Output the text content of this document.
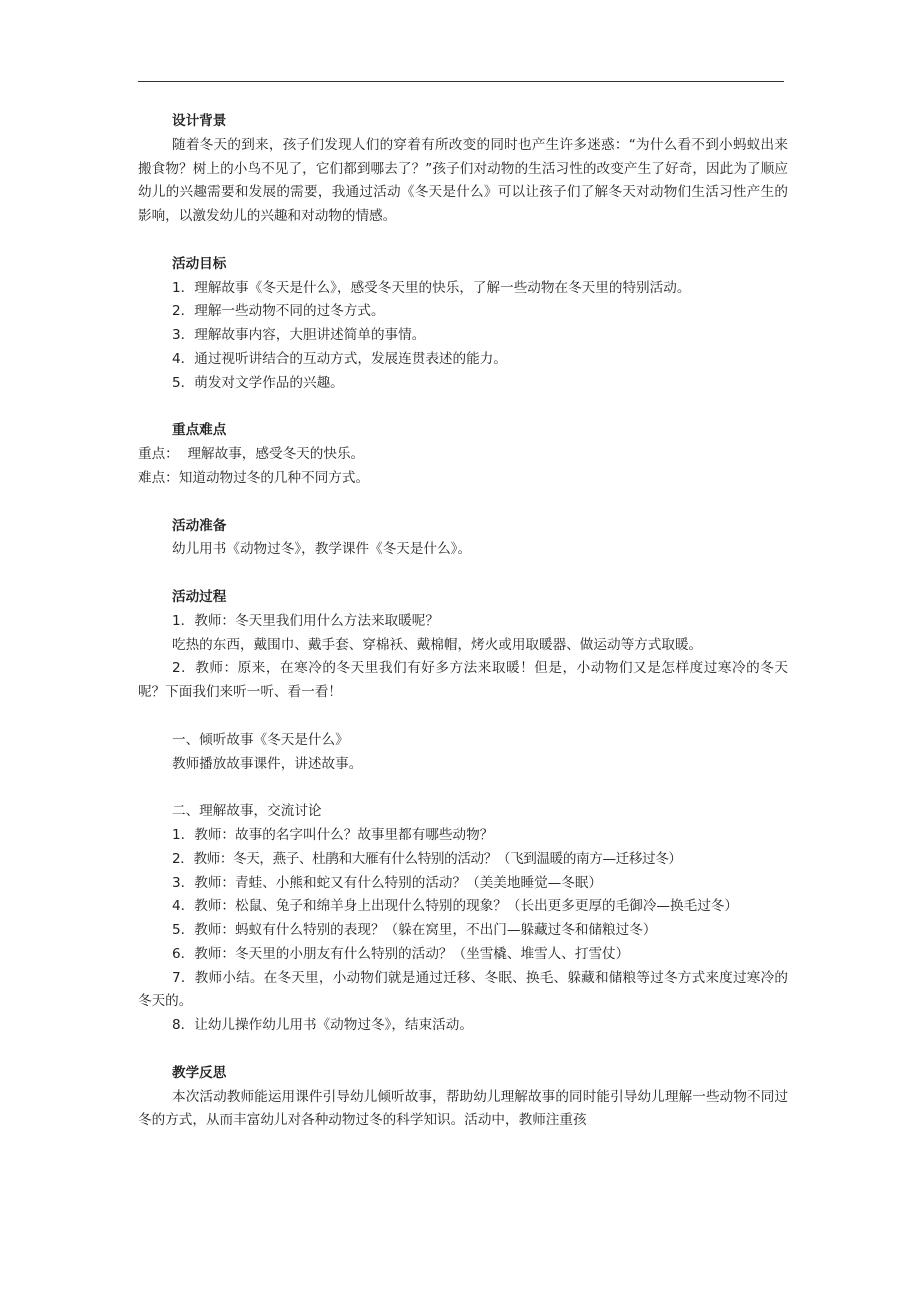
设计背景
随着冬天的到来，孩子们发现人们的穿着有所改变的同时也产生许多迷惑：“为什么看不到小蚂蚁出来搬食物？树上的小鸟不见了，它们都到哪去了？”孩子们对动物的生活习性的改变产生了好奇，因此为了顺应幼儿的兴趣需要和发展的需要，我通过活动《冬天是什么》可以让孩子们了解冬天对动物们生活习性产生的影响，以激发幼儿的兴趣和对动物的情感。
活动目标
1．理解故事《冬天是什么》，感受冬天里的快乐，了解一些动物在冬天里的特别活动。
2．理解一些动物不同的过冬方式。
3．理解故事内容，大胆讲述简单的事情。
4．通过视听讲结合的互动方式，发展连贯表述的能力。
5．萌发对文学作品的兴趣。
重点难点
重点：  理解故事，感受冬天的快乐。
难点：知道动物过冬的几种不同方式。
活动准备
幼儿用书《动物过冬》，教学课件《冬天是什么》。
活动过程
1．教师：冬天里我们用什么方法来取暖呢？
吃热的东西，戴围巾、戴手套、穿棉袄、戴棉帽，烤火或用取暖器、做运动等方式取暖。
2．教师：原来，在寒冷的冬天里我们有好多方法来取暖！但是，小动物们又是怎样度过寒冷的冬天呢？下面我们来听一听、看一看！
一、倾听故事《冬天是什么》
教师播放故事课件，讲述故事。
二、理解故事，交流讨论
1．教师：故事的名字叫什么？故事里都有哪些动物？
2．教师：冬天，燕子、杜鹃和大雁有什么特别的活动？（飞到温暖的南方—迁移过冬）
3．教师：青蛙、小熊和蛇又有什么特别的活动？（美美地睡觉—冬眠）
4．教师：松鼠、兔子和绵羊身上出现什么特别的现象？（长出更多更厚的毛御冷—换毛过冬）
5．教师：蚂蚁有什么特别的表现？（躲在窝里，不出门—躲藏过冬和储粮过冬）
6．教师：冬天里的小朋友有什么特别的活动？（坐雪橇、堆雪人、打雪仗）
7．教师小结。在冬天里，小动物们就是通过迁移、冬眠、换毛、躲藏和储粮等过冬方式来度过寒冷的冬天的。
8．让幼儿操作幼儿用书《动物过冬》，结束活动。
教学反思
本次活动教师能运用课件引导幼儿倾听故事，帮助幼儿理解故事的同时能引导幼儿理解一些动物不同过冬的方式，从而丰富幼儿对各种动物过冬的科学知识。活动中，教师注重孩
